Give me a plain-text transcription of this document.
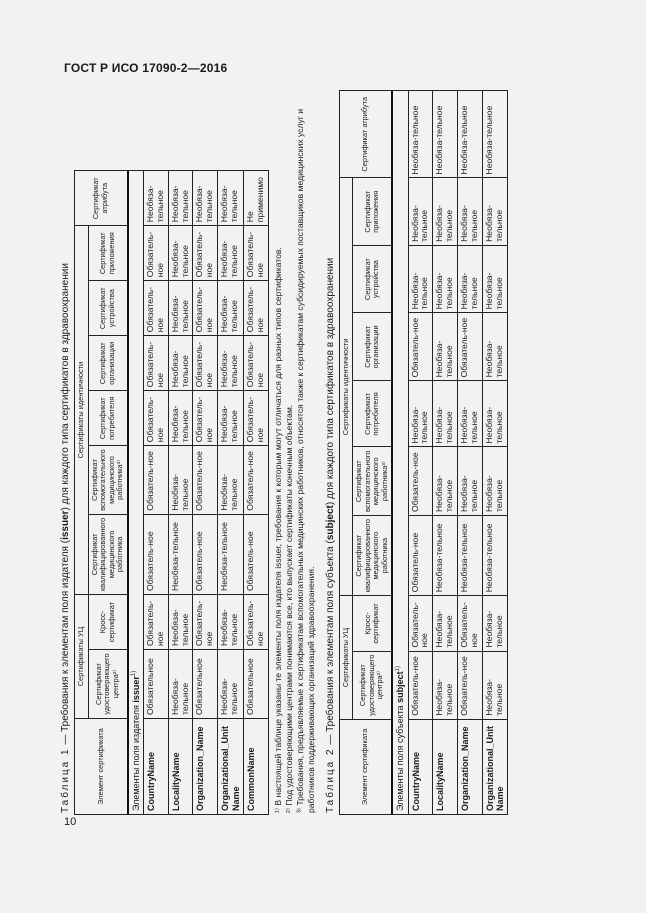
ГОСТ Р ИСО 17090-2—2016
10
Таблица 1 — Требования к элементам поля издателя (issuer) для каждого типа сертификатов в здравоохранении
Элемент сертификата	Сертификаты УЦ		Сертификаты идентичности						Сертификат атрибута
	Сертификат удостоверяющего центра²⁾	Кросс-сертификат	Сертификат квалифицированного медицинского работника	Сертификат вспомогательного медицинского работника³⁾	Сертификат потребителя	Сертификат организации	Сертификат устройства	Сертификат приложения	
Элементы поля издателя issuer$^{1)}$
CountryName	Обязательное	Обязатель-ное	Обязатель-ное	Обязатель-ное	Обязатель-ное	Обязатель-ное	Обязатель-ное	Обязатель-ное	Необяза-тельное
LocalityName	Необяза-тельное	Необяза-тельное	Необяза-тельное	Необяза-тельное	Необяза-тельное	Необяза-тельное	Необяза-тельное	Необяза-тельное	Необяза-тельное
Organization_Name	Обязательное	Обязатель-ное	Обязатель-ное	Обязатель-ное	Обязатель-ное	Обязатель-ное	Обязатель-ное	Обязатель-ное	Необяза-тельное
Organizational_Unit Name	Необяза-тельное	Необяза-тельное	Необяза-тельное	Необяза-тельное	Необяза-тельное	Необяза-тельное	Необяза-тельное	Необяза-тельное	Необяза-тельное
CommonName	Обязательное	Обязатель-ное	Обязатель-ное	Обязатель-ное	Обязатель-ное	Обязатель-ное	Обязатель-ное	Обязатель-ное	Не применимо
¹⁾ В настоящей таблице указаны те элементы поля издателя issuer, требования к которым могут отличаться для разных типов сертификатов. ²⁾ Под удостоверяющими центрами понимаются все, кто выпускает сертификаты конечным объектам. ³⁾ Требования, предъявляемые к сертификатам вспомогательных медицинских работников, относятся также к сертификатам субсидируемых поставщиков медицинских услуг и работников поддерживающих организаций здравоохранения. Таблица 2 — Требования к элементам поля субъекта (subject) для каждого типа сертификатов в здравоохранении
Элемент сертификата	Сертификаты УЦ		Сертификаты идентичности						Сертификат атрибута
	Сертификат удостоверяющего центра²⁾	Кросс-сертификат	Сертификат квалифицированного медицинского работника	Сертификат вспомогательного медицинского работника³⁾	Сертификат потребителя	Сертификат организации	Сертификат устройства	Сертификат приложения	
Элементы поля субъекта subject$^{1)}$
CountryName	Обязатель-ное	Обязатель-ное	Обязатель-ное	Обязатель-ное	Необяза-тельное	Обязатель-ное	Необяза-тельное	Необяза-тельное	Необяза-тельное
LocalityName	Необяза-тельное	Необяза-тельное	Необяза-тельное	Необяза-тельное	Необяза-тельное	Необяза-тельное	Необяза-тельное	Необяза-тельное	Необяза-тельное
Organization_Name	Обязатель-ное	Обязатель-ное	Необяза-тельное	Необяза-тельное	Необяза-тельное	Обязатель-ное	Необяза-тельное	Необяза-тельное	Необяза-тельное
Organizational_Unit Name	Необяза-тельное	Необяза-тельное	Необяза-тельное	Необяза-тельное	Необяза-тельное	Необяза-тельное	Необяза-тельное	Необяза-тельное	Необяза-тельное
